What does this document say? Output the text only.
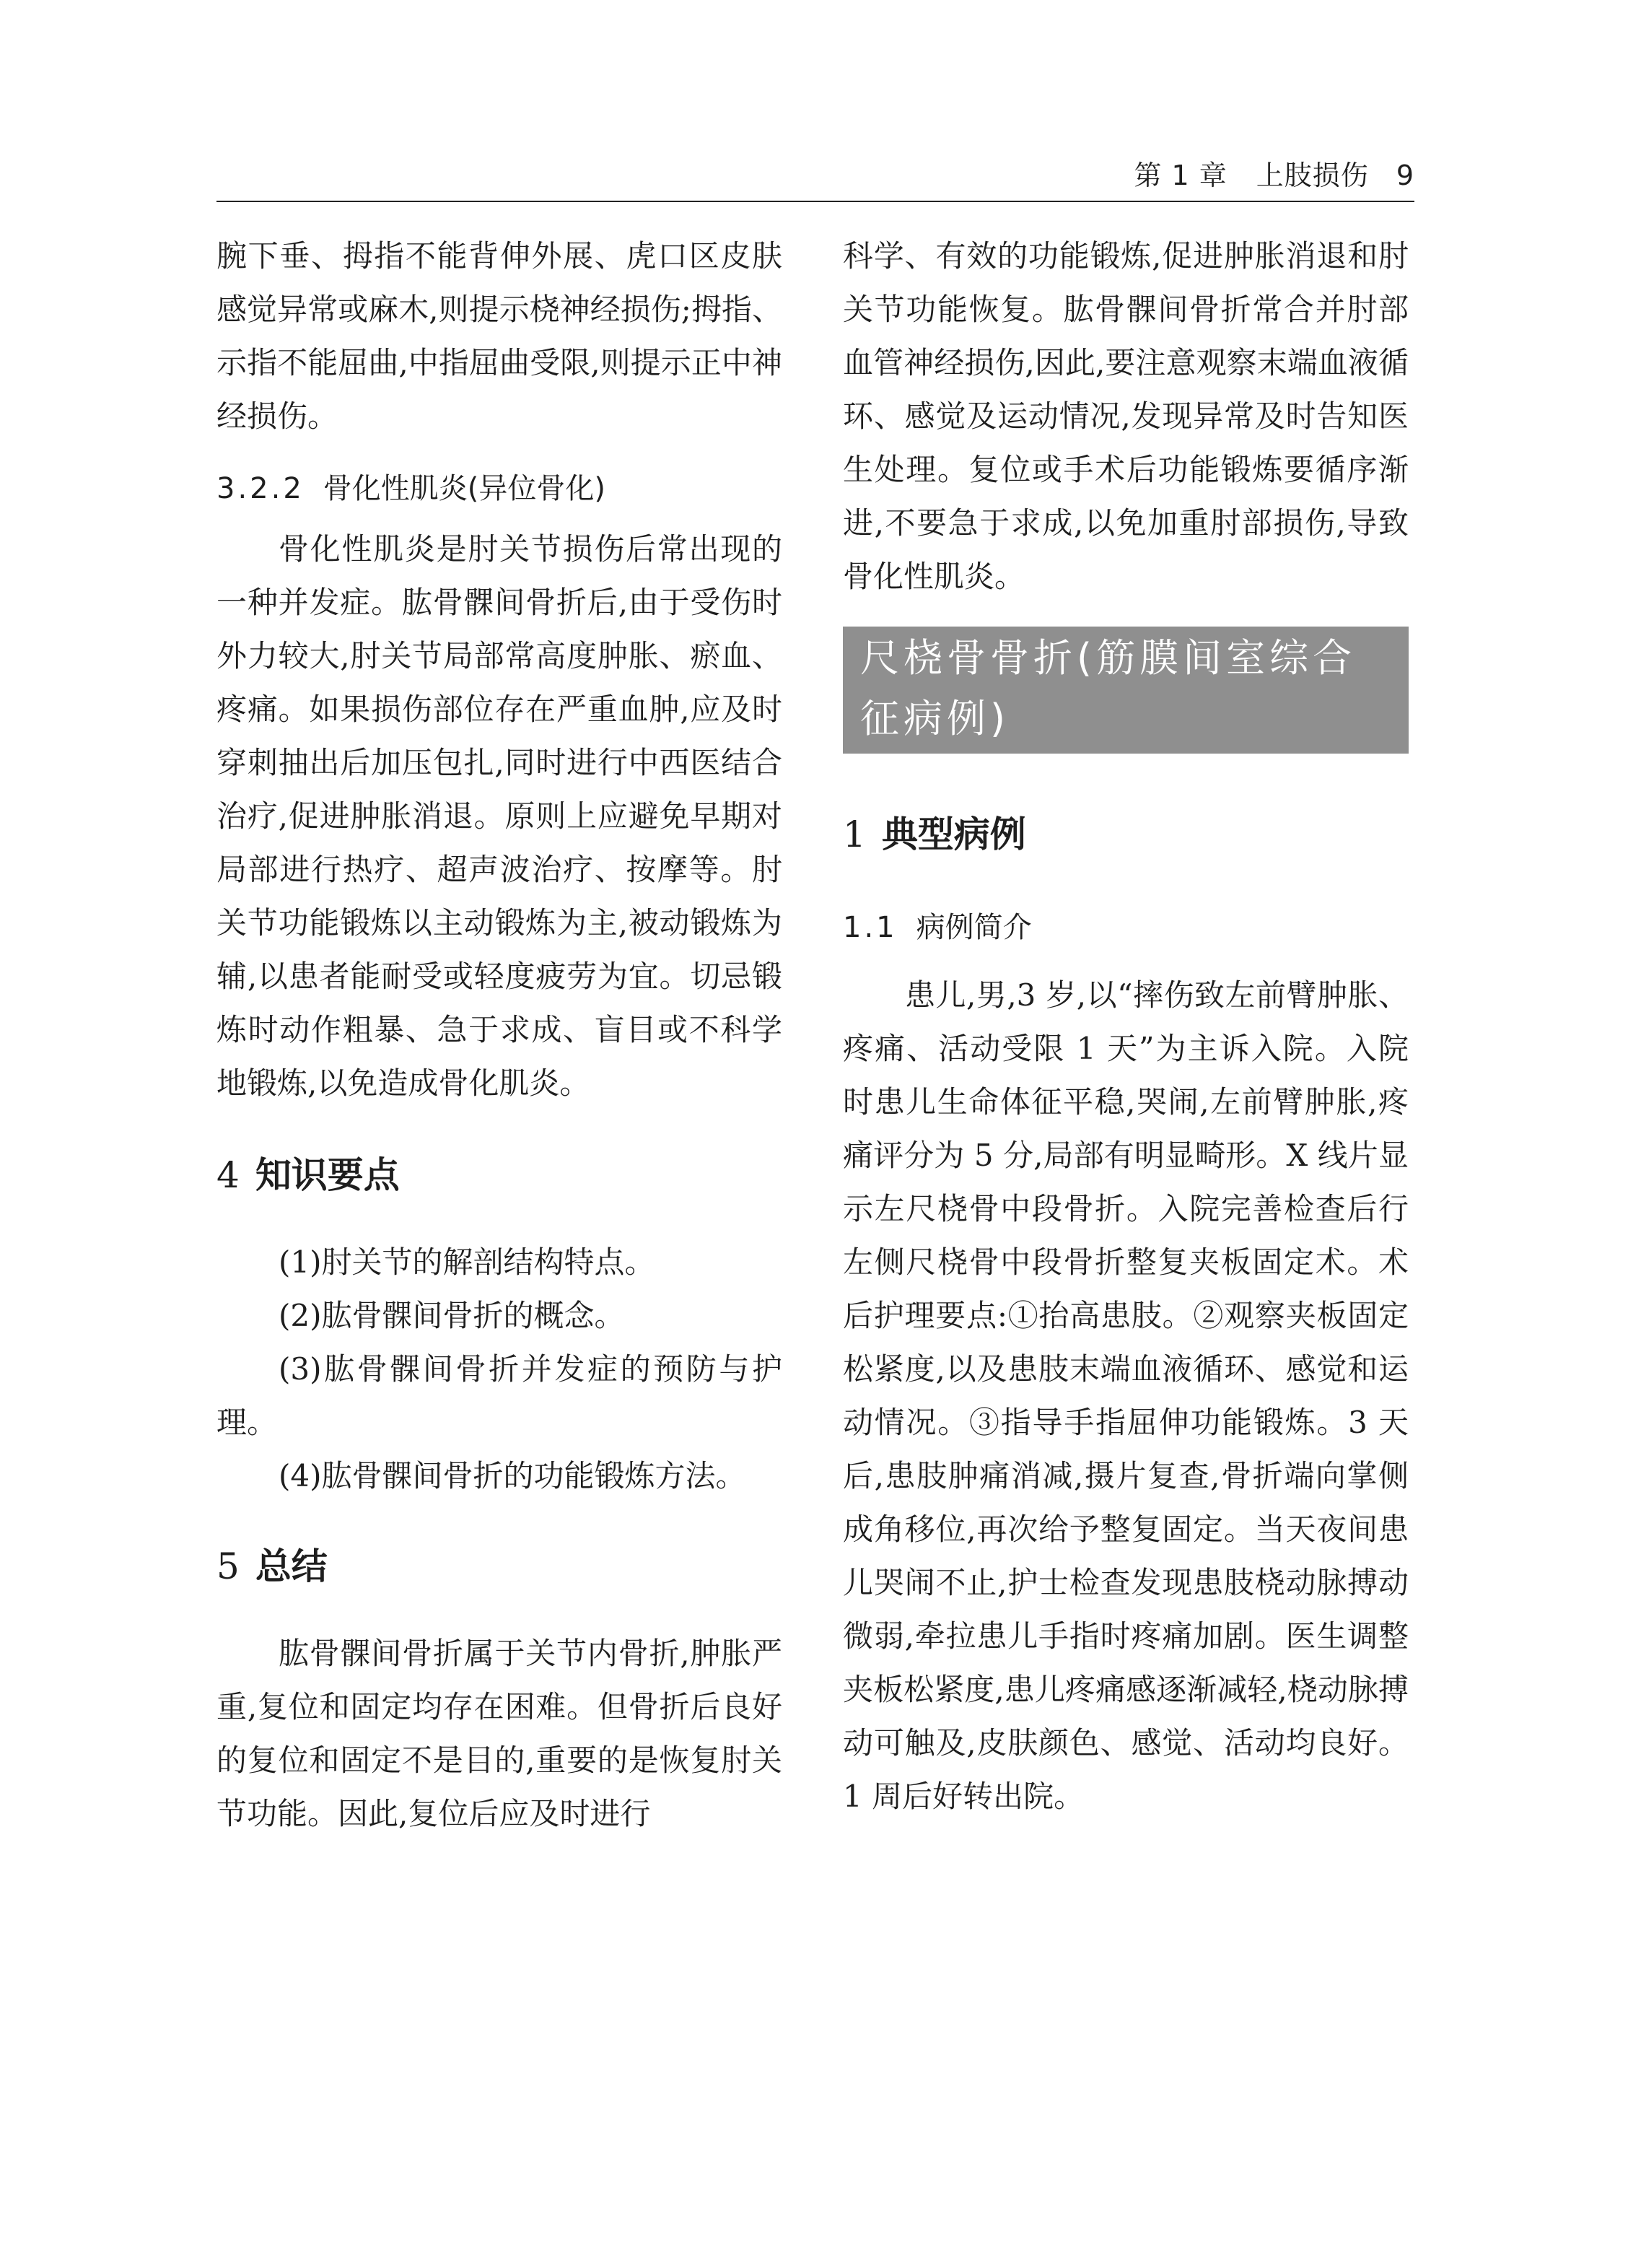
第 1 章 上肢损伤 9

腕下垂、拇指不能背伸外展、虎口区皮肤感觉异常或麻木,则提示桡神经损伤;拇指、示指不能屈曲,中指屈曲受限,则提示正中神经损伤。

3.2.2 骨化性肌炎(异位骨化)

骨化性肌炎是肘关节损伤后常出现的一种并发症。肱骨髁间骨折后,由于受伤时外力较大,肘关节局部常高度肿胀、瘀血、疼痛。如果损伤部位存在严重血肿,应及时穿刺抽出后加压包扎,同时进行中西医结合治疗,促进肿胀消退。原则上应避免早期对局部进行热疗、超声波治疗、按摩等。肘关节功能锻炼以主动锻炼为主,被动锻炼为辅,以患者能耐受或轻度疲劳为宜。切忌锻炼时动作粗暴、急于求成、盲目或不科学地锻炼,以免造成骨化肌炎。

4 知识要点

(1)肘关节的解剖结构特点。

(2)肱骨髁间骨折的概念。

(3)肱骨髁间骨折并发症的预防与护理。

(4)肱骨髁间骨折的功能锻炼方法。

5 总结

肱骨髁间骨折属于关节内骨折,肿胀严重,复位和固定均存在困难。但骨折后良好的复位和固定不是目的,重要的是恢复肘关节功能。因此,复位后应及时进行

科学、有效的功能锻炼,促进肿胀消退和肘关节功能恢复。肱骨髁间骨折常合并肘部血管神经损伤,因此,要注意观察末端血液循环、感觉及运动情况,发现异常及时告知医生处理。复位或手术后功能锻炼要循序渐进,不要急于求成,以免加重肘部损伤,导致骨化性肌炎。

尺桡骨骨折(筋膜间室综合征病例)
1 典型病例
1.1 病例简介

患儿,男,3 岁,以“摔伤致左前臂肿胀、疼痛、活动受限 1 天”为主诉入院。入院时患儿生命体征平稳,哭闹,左前臂肿胀,疼痛评分为 5 分,局部有明显畸形。X 线片显示左尺桡骨中段骨折。入院完善检查后行左侧尺桡骨中段骨折整复夹板固定术。术后护理要点:①抬高患肢。②观察夹板固定松紧度,以及患肢末端血液循环、感觉和运动情况。③指导手指屈伸功能锻炼。3 天后,患肢肿痛消减,摄片复查,骨折端向掌侧成角移位,再次给予整复固定。当天夜间患儿哭闹不止,护士检查发现患肢桡动脉搏动微弱,牵拉患儿手指时疼痛加剧。医生调整夹板松紧度,患儿疼痛感逐渐减轻,桡动脉搏动可触及,皮肤颜色、感觉、活动均良好。1 周后好转出院。
